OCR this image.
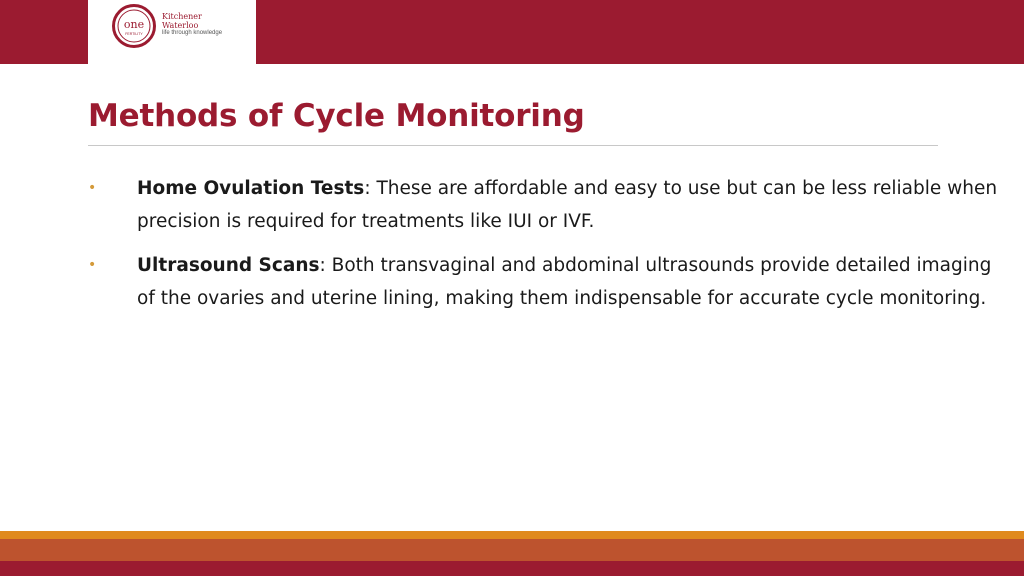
one
FERTILITY
Kitchener
Waterloo
life through knowledge
Methods of Cycle Monitoring
• Home Ovulation Tests: These are affordable and easy to use but can be less reliable when precision is required for treatments like IUI or IVF.
• Ultrasound Scans: Both transvaginal and abdominal ultrasounds provide detailed imaging of the ovaries and uterine lining, making them indispensable for accurate cycle monitoring.
